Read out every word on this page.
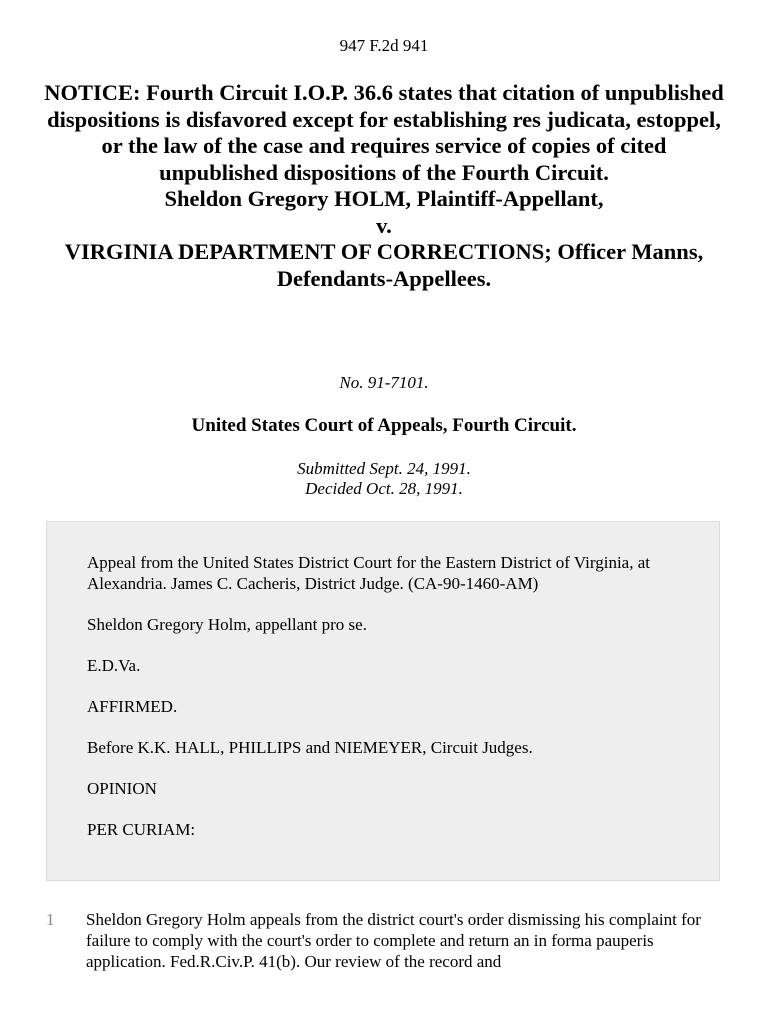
947 F.2d 941
NOTICE: Fourth Circuit I.O.P. 36.6 states that citation of unpublished dispositions is disfavored except for establishing res judicata, estoppel, or the law of the case and requires service of copies of cited unpublished dispositions of the Fourth Circuit.
Sheldon Gregory HOLM, Plaintiff-Appellant,
v.
VIRGINIA DEPARTMENT OF CORRECTIONS; Officer Manns,
Defendants-Appellees.
No. 91-7101.
United States Court of Appeals, Fourth Circuit.
Submitted Sept. 24, 1991.
Decided Oct. 28, 1991.

Appeal from the United States District Court for the Eastern District of Virginia, at Alexandria. James C. Cacheris, District Judge. (CA-90-1460-AM)

Sheldon Gregory Holm, appellant pro se.

E.D.Va.

AFFIRMED.

Before K.K. HALL, PHILLIPS and NIEMEYER, Circuit Judges.

OPINION

PER CURIAM:

1 Sheldon Gregory Holm appeals from the district court's order dismissing his complaint for failure to comply with the court's order to complete and return an in forma pauperis application. Fed.R.Civ.P. 41(b). Our review of the record and
